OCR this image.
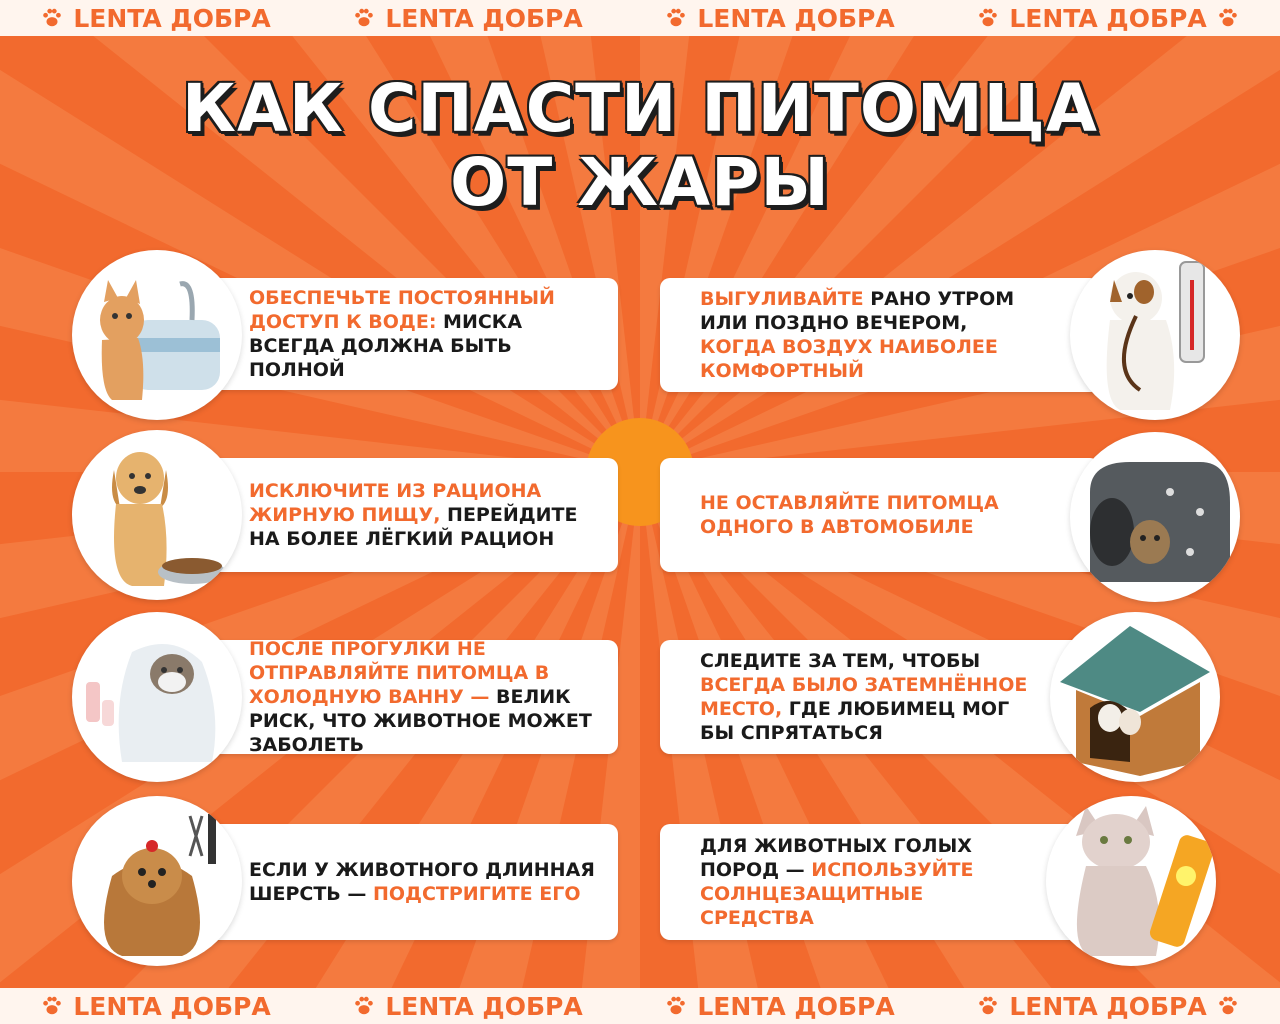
LENTA ДОБРА	LENTA ДОБРА	LENTA ДОБРА	LENTA ДОБРА
КАК СПАСТИ ПИТОМЦА
ОТ ЖАРЫ
ОБЕСПЕЧЬТЕ ПОСТОЯННЫЙ ДОСТУП К ВОДЕ: МИСКА ВСЕГДА ДОЛЖНА БЫТЬ ПОЛНОЙ
ИСКЛЮЧИТЕ ИЗ РАЦИОНА ЖИРНУЮ ПИЩУ, ПЕРЕЙДИТЕ НА БОЛЕЕ ЛЁГКИЙ РАЦИОН
ПОСЛЕ ПРОГУЛКИ НЕ ОТПРАВЛЯЙТЕ ПИТОМЦА В ХОЛОДНУЮ ВАННУ — ВЕЛИК РИСК, ЧТО ЖИВОТНОЕ МОЖЕТ ЗАБОЛЕТЬ
ЕСЛИ У ЖИВОТНОГО ДЛИННАЯ ШЕРСТЬ — ПОДСТРИГИТЕ ЕГО
ВЫГУЛИВАЙТЕ РАНО УТРОМ ИЛИ ПОЗДНО ВЕЧЕРОМ, КОГДА ВОЗДУХ НАИБОЛЕЕ КОМФОРТНЫЙ
НЕ ОСТАВЛЯЙТЕ ПИТОМЦА ОДНОГО В АВТОМОБИЛЕ
СЛЕДИТЕ ЗА ТЕМ, ЧТОБЫ ВСЕГДА БЫЛО ЗАТЕМНЁННОЕ МЕСТО, ГДЕ ЛЮБИМЕЦ МОГ БЫ СПРЯТАТЬСЯ
ДЛЯ ЖИВОТНЫХ ГОЛЫХ ПОРОД — ИСПОЛЬЗУЙТЕ СОЛНЦЕЗАЩИТНЫЕ СРЕДСТВА
LENTA ДОБРА	LENTA ДОБРА	LENTA ДОБРА	LENTA ДОБРА
